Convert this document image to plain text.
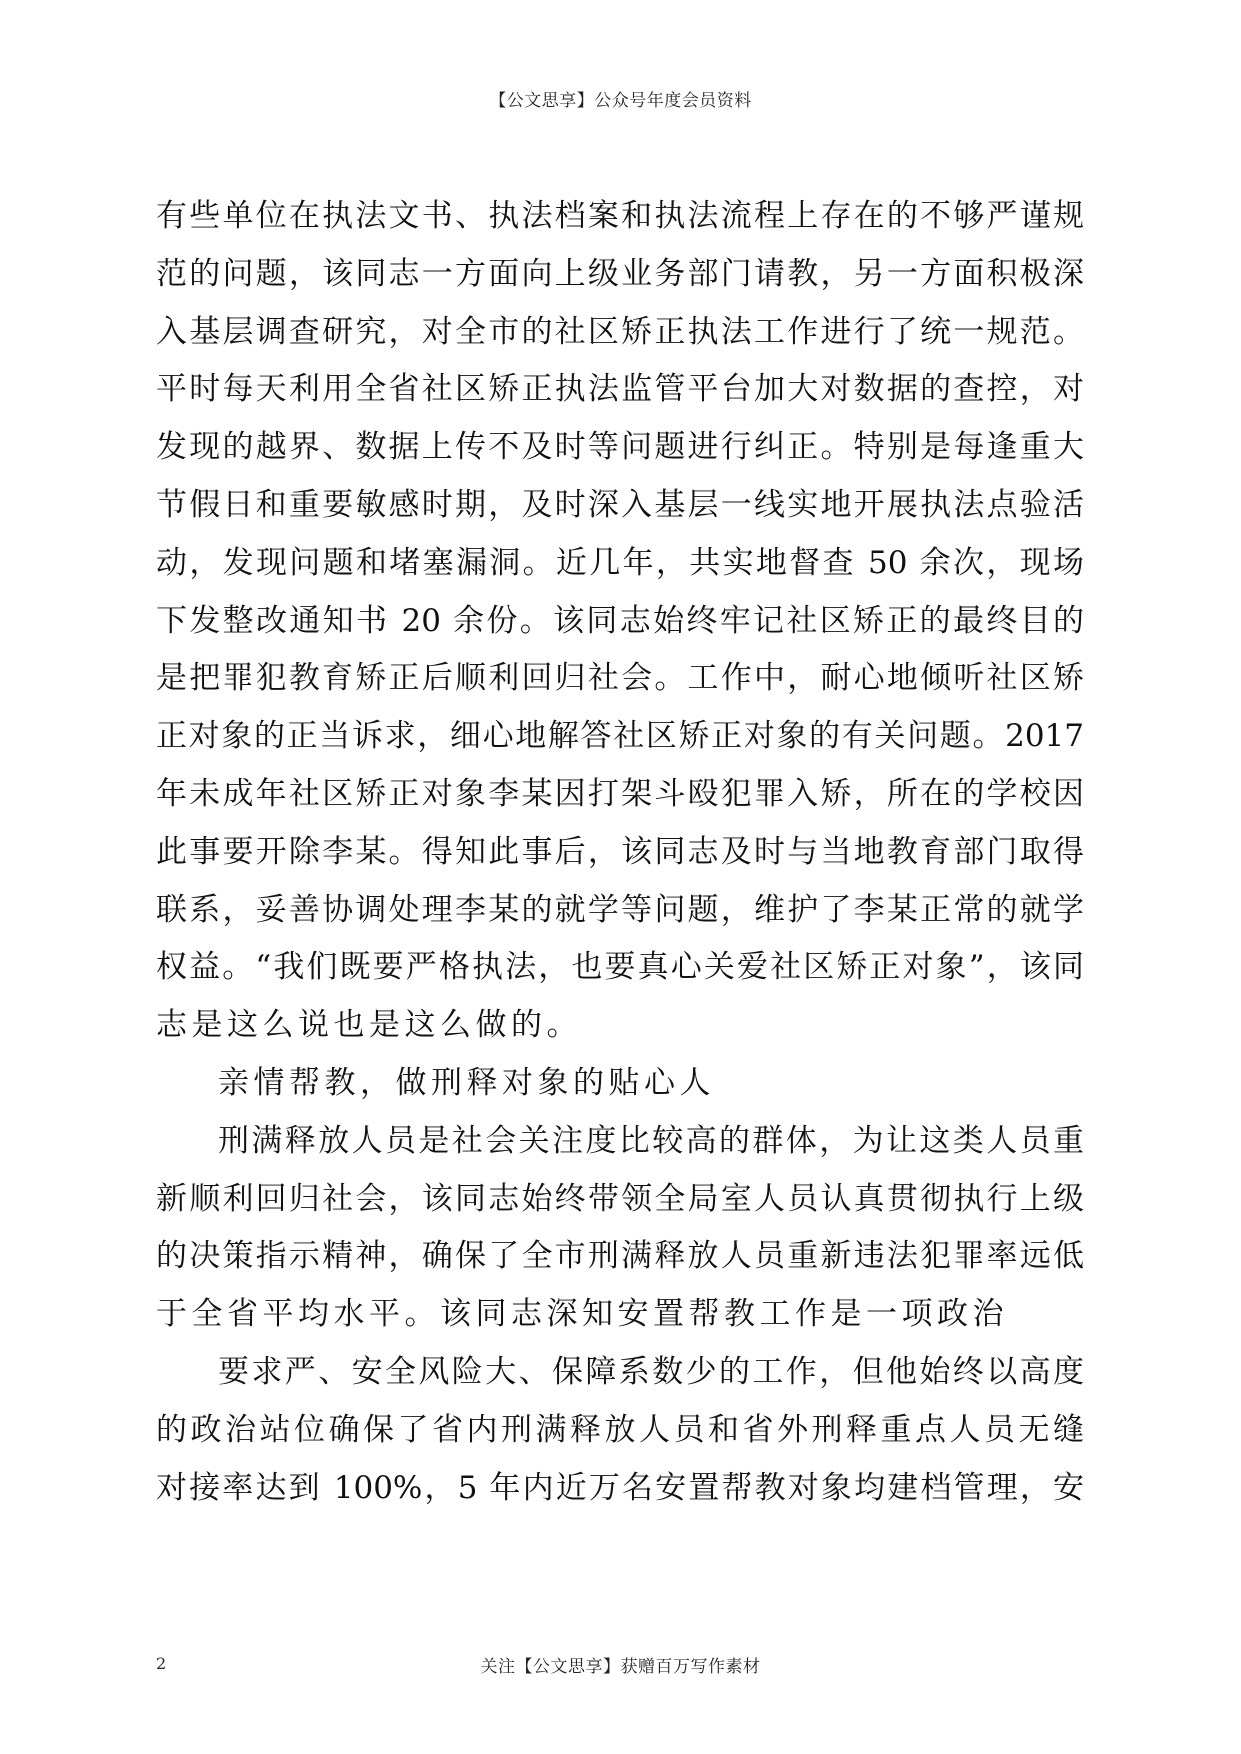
【公文思享】公众号年度会员资料
有些单位在执法文书、执法档案和执法流程上存在的不够严谨规
范的问题，该同志一方面向上级业务部门请教，另一方面积极深
入基层调查研究，对全市的社区矫正执法工作进行了统一规范。
平时每天利用全省社区矫正执法监管平台加大对数据的查控，对
发现的越界、数据上传不及时等问题进行纠正。特别是每逢重大
节假日和重要敏感时期，及时深入基层一线实地开展执法点验活
动，发现问题和堵塞漏洞。近几年，共实地督查 50 余次，现场
下发整改通知书 20 余份。该同志始终牢记社区矫正的最终目的
是把罪犯教育矫正后顺利回归社会。工作中，耐心地倾听社区矫
正对象的正当诉求，细心地解答社区矫正对象的有关问题。2017
年未成年社区矫正对象李某因打架斗殴犯罪入矫，所在的学校因
此事要开除李某。得知此事后，该同志及时与当地教育部门取得
联系，妥善协调处理李某的就学等问题，维护了李某正常的就学
权益。“我们既要严格执法，也要真心关爱社区矫正对象”，该同
志是这么说也是这么做的。
亲情帮教，做刑释对象的贴心人
刑满释放人员是社会关注度比较高的群体，为让这类人员重
新顺利回归社会，该同志始终带领全局室人员认真贯彻执行上级
的决策指示精神，确保了全市刑满释放人员重新违法犯罪率远低
于全省平均水平。该同志深知安置帮教工作是一项政治
要求严、安全风险大、保障系数少的工作，但他始终以高度
的政治站位确保了省内刑满释放人员和省外刑释重点人员无缝
对接率达到 100%，5 年内近万名安置帮教对象均建档管理，安
2	关注【公文思享】获赠百万写作素材
